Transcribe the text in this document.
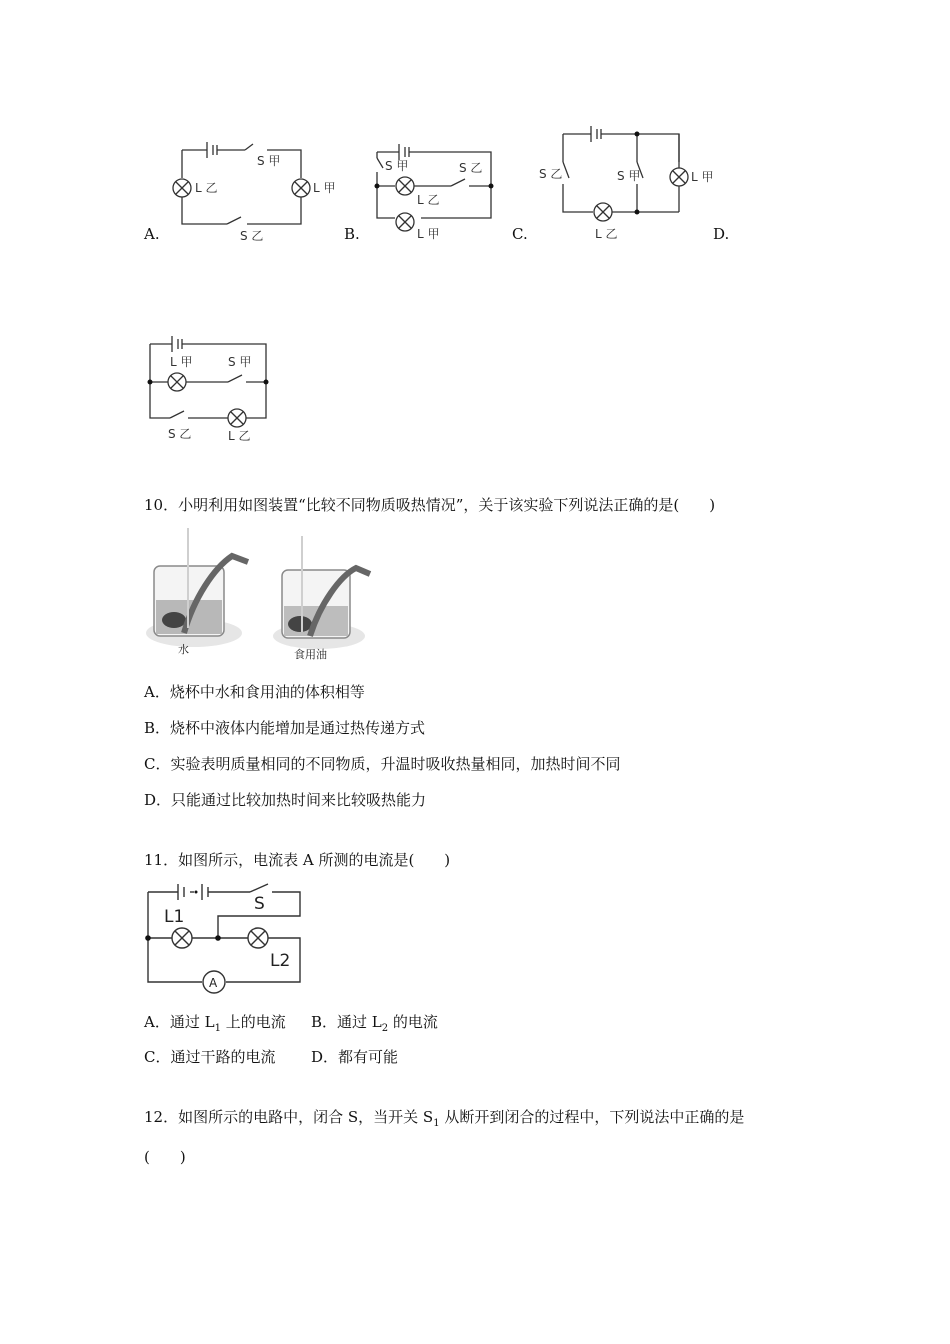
S 甲
L 乙	L 甲
S 乙
A.
S 甲	S 乙
L 乙
L 甲
B.
S 乙	S 甲	L 甲
L 乙
C.	D.
L 甲	S 甲
S 乙	L 乙
10．小明利用如图装置“比较不同物质吸热情况”，关于该实验下列说法正确的是(　　)
水	食用油
A．烧杯中水和食用油的体积相等
B．烧杯中液体内能增加是通过热传递方式
C．实验表明质量相同的不同物质，升温时吸收热量相同，加热时间不同
D．只能通过比较加热时间来比较吸热能力
11．如图所示，电流表 A 所测的电流是(　　)
L1
S
L2
A
A．通过 $L_1$ 上的电流 B．通过 $L_2$ 的电流
C．通过干路的电流 D．都有可能
12．如图所示的电路中，闭合 S，当开关 $S_1$ 从断开到闭合的过程中，下列说法中正确的是
(　　)
